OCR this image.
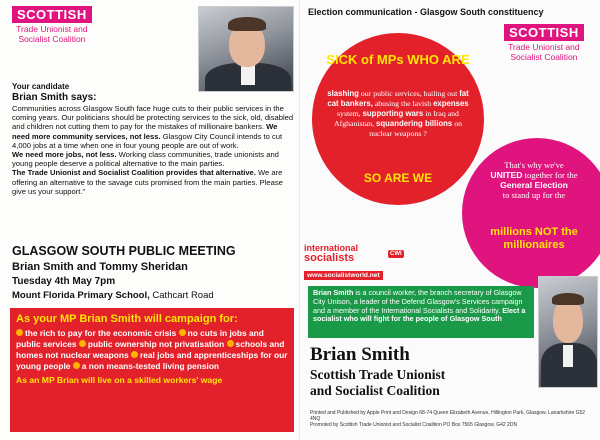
SCOTTISH
Trade Unionist and
Socialist Coalition
Your candidate
Brian Smith says:
Communities across Glasgow South face huge cuts to their public services in the coming years. Our politicians should be protecting services to the sick, old, disabled and children not cutting them to pay for the mistakes of millionaire bankers. We need more community services, not less. Glasgow City Council intends to cut 4,000 jobs at a time when one in four young people are out of work.
We need more jobs, not less. Working class communities, trade unionists and young people deserve a political alternative to the main parties.
The Trade Unionist and Socialist Coalition provides that alternative. We are offering an alternative to the savage cuts promised from the main parties. Please give us your support."
GLASGOW SOUTH PUBLIC MEETING
Brian Smith and Tommy Sheridan
Tuesday 4th May 7pm
Mount Florida Primary School, Cathcart Road
As your MP Brian Smith will campaign for:
the rich to pay for the economic crisis no cuts in jobs and public services public ownership not privatisation schools and homes not nuclear weapons real jobs and apprenticeships for our young people a non means-tested living pension
As an MP Brian will live on a skilled workers' wage
Election communication - Glasgow South constituency
SCOTTISH
Trade Unionist and
Socialist Coalition
SICK of MPs WHO ARE
slashing our public services, bailing out fat cat bankers, abusing the lavish expenses system, supporting wars in Iraq and Afghanistan, squandering billions on nuclear weapons ?
SO ARE WE
That's why we've
UNITED together for the
General Election
to stand up for the
millions NOT the millionaires
international
socialists	CWI
www.socialistworld.net
Brian Smith is a council worker, the branch secretary of Glasgow City Unison, a leader of the Defend Glasgow's Services campaign and a member of the International Socialists and Solidarity. Elect a socialist who will fight for the people of Glasgow South
Brian Smith
Scottish Trade Unionist
and Socialist Coalition
Printed and Published by Apple Print and Design 68-74 Queen Elizabeth Avenue, Hillington Park, Glasgow, Lanarkshire G52 4NQ
Promoted by Scottish Trade Unionist and Socialist Coalition PO Box 7565 Glasgow, G42 2DN
